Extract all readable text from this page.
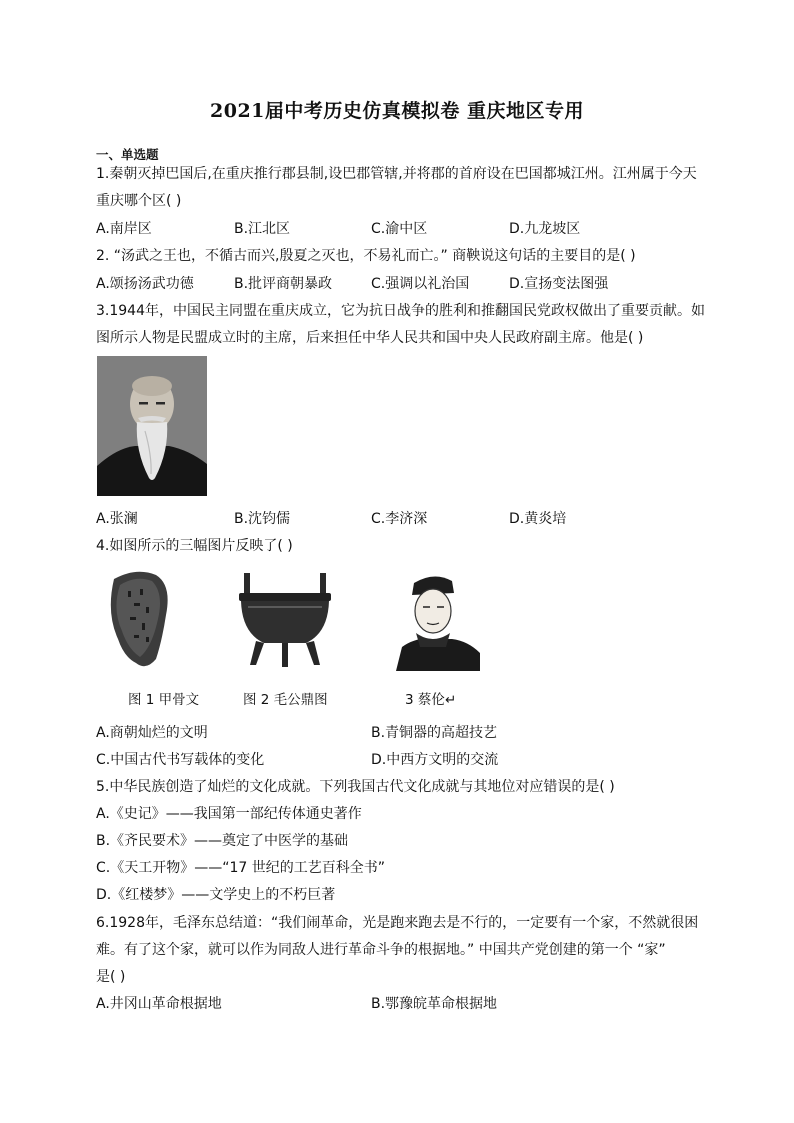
2021届中考历史仿真模拟卷 重庆地区专用
一、单选题
1.秦朝灭掉巴国后,在重庆推行郡县制,设巴郡管辖,并将郡的首府设在巴国都城江州。江州属于今天
重庆哪个区( )
A.南岸区	B.江北区	C.渝中区	D.九龙坡区
2. “汤武之王也，不循古而兴,殷夏之灭也，不易礼而亡。” 商鞅说这句话的主要目的是( )
A.颂扬汤武功德	B.批评商朝暴政	C.强调以礼治国	D.宣扬变法图强
3.1944年，中国民主同盟在重庆成立，它为抗日战争的胜利和推翻国民党政权做出了重要贡献。如
图所示人物是民盟成立时的主席，后来担任中华人民共和国中央人民政府副主席。他是( )
A.张澜	B.沈钧儒	C.李济深	D.黄炎培
4.如图所示的三幅图片反映了( )
图 1 甲骨文	图 2 毛公鼎图	3 蔡伦↵
A.商朝灿烂的文明	B.青铜器的高超技艺
C.中国古代书写载体的变化	D.中西方文明的交流
5.中华民族创造了灿烂的文化成就。下列我国古代文化成就与其地位对应错误的是( )
A.《史记》——我国第一部纪传体通史著作
B.《齐民要术》——奠定了中医学的基础
C.《天工开物》——“17 世纪的工艺百科全书”
D.《红楼梦》——文学史上的不朽巨著
6.1928年，毛泽东总结道：“我们闹革命，光是跑来跑去是不行的，一定要有一个家，不然就很困
难。有了这个家，就可以作为同敌人进行革命斗争的根据地。” 中国共产党创建的第一个 “家”
是( )
A.井冈山革命根据地	B.鄂豫皖革命根据地
